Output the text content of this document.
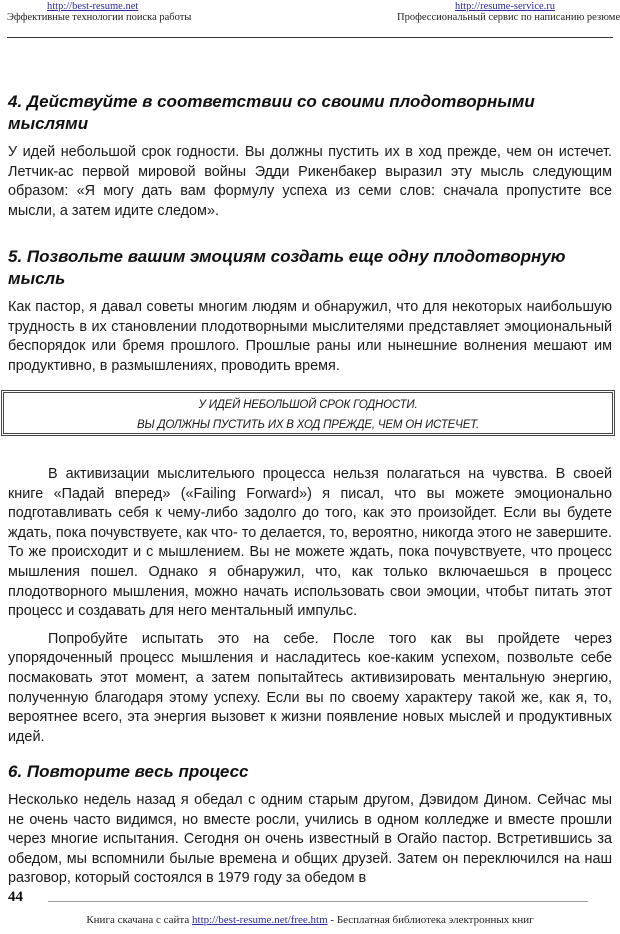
http://best-resume.net
Эффективные технологии поиска работы
http://resume-service.ru
Профессиональный сервис по написанию резюме
4. Действуйте в соответствии со своими плодотворными мыслями

У идей небольшой срок годности. Вы должны пустить их в ход прежде, чем он истечет. Летчик-ас первой мировой войны Эдди Рикенбакер выразил эту мысль следующим образом: «Я могу дать вам формулу успеха из семи слов: сначала пропустите все мысли, а затем идите следом».

5. Позвольте вашим эмоциям создать еще одну плодотворную мысль

Как пастор, я давал советы многим людям и обнаружил, что для некоторых наибольшую трудность в их становлении плодотворными мыслителями представляет эмоциональный беспорядок или бремя прошлого. Прошлые раны или нынешние волнения мешают им продуктивно, в размышлениях, проводить время.

У ИДЕЙ НЕБОЛЬШОЙ СРОК ГОДНОСТИ.
ВЫ ДОЛЖНЫ ПУСТИТЬ ИХ В ХОД ПРЕЖДЕ, ЧЕМ ОН ИСТЕЧЕТ.

В активизации мыслительюго процесса нельзя полагаться на чувства. В своей книге «Падай вперед» («Failing Forward») я писал, что вы можете эмоционально подготавливать себя к чему-либо задолго до того, как это произойдет. Если вы будете ждать, пока почувствуете, как что- то делается, то, вероятно, никогда этого не завершите. То же происходит и с мышлением. Вы не можете ждать, пока почувствуете, что процесс мышления пошел. Однако я обнаружил, что, как только включаешься в процесс плодотворного мышления, можно начать использовать свои эмоции, чтобьт питать этот процесс и создавать для него ментальный импульс.

Попробуйте испытать это на себе. После того как вы пройдете через упорядоченный процесс мышления и насладитесь кое-каким успехом, позвольте себе посмаковать этот момент, а затем попытайтесь активизировать ментальную энергию, полученную благодаря этому успеху. Если вы по своему характеру такой же, как я, то, вероятнее всего, эта энергия вызовет к жизни появление новых мыслей и продуктивных идей.

6. Повторите весь процесс

Несколько недель назад я обедал с одним старым другом, Дэвидом Дином. Сейчас мы не очень часто видимся, но вместе росли, учились в одном колледже и вместе прошли через многие испытания. Сегодня он очень известный в Огайо пастор. Встретившись за обедом, мы вспомнили былые времена и общих друзей. Затем он переключился на наш разговор, который состоялся в 1979 году за обедом в

44
Книга скачана с сайта http://best-resume.net/free.htm - Бесплатная библиотека электронных книг
